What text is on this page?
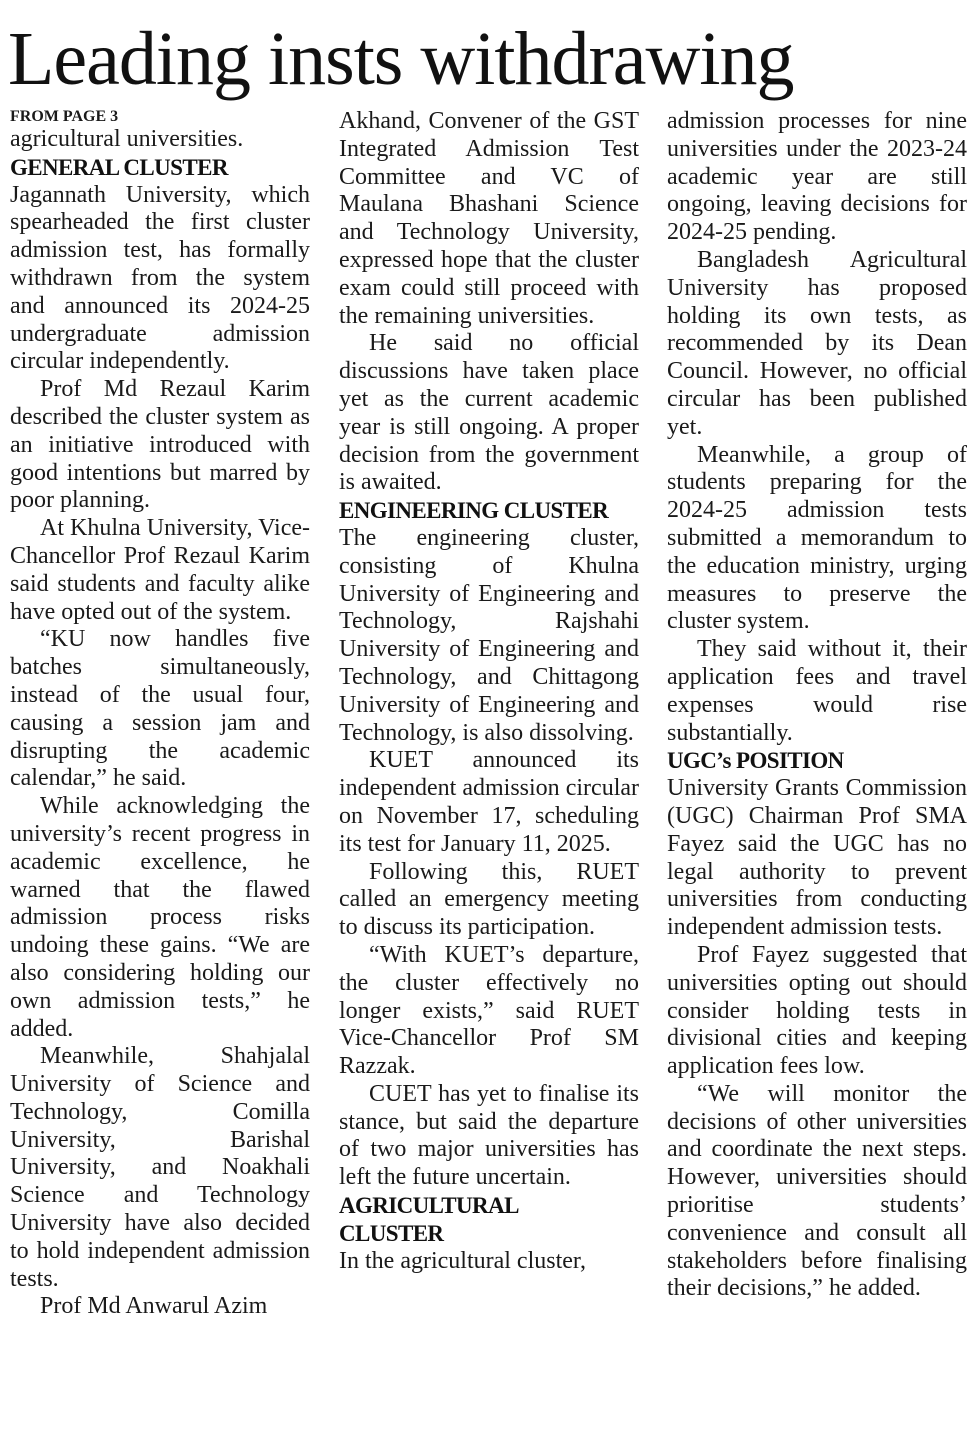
Leading insts withdrawing
FROM PAGE 3

agricultural universities.

GENERAL CLUSTER

Jagannath University, which spearheaded the first cluster admission test, has formally withdrawn from the system and announced its 2024-25 undergraduate admission circular independently.

Prof Md Rezaul Karim described the cluster system as an initiative introduced with good intentions but marred by poor planning.

At Khulna University, Vice-Chancellor Prof Rezaul Karim said students and faculty alike have opted out of the system.

“KU now handles five batches simultaneously, instead of the usual four, causing a session jam and disrupting the academic calendar,” he said.

While acknowledging the university’s recent progress in academic excellence, he warned that the flawed admission process risks undoing these gains. “We are also considering holding our own admission tests,” he added.

Meanwhile, Shahjalal University of Science and Technology, Comilla University, Barishal University, and Noakhali Science and Technology University have also decided to hold independent admission tests.

Prof Md Anwarul Azim

Akhand, Convener of the GST Integrated Admission Test Committee and VC of Maulana Bhashani Science and Technology University, expressed hope that the cluster exam could still proceed with the remaining universities.

He said no official discussions have taken place yet as the current academic year is still ongoing. A proper decision from the government is awaited.

ENGINEERING CLUSTER

The engineering cluster, consisting of Khulna University of Engineering and Technology, Rajshahi University of Engineering and Technology, and Chittagong University of Engineering and Technology, is also dissolving.

KUET announced its independent admission circular on November 17, scheduling its test for January 11, 2025.

Following this, RUET called an emergency meeting to discuss its participation.

“With KUET’s departure, the cluster effectively no longer exists,” said RUET Vice-Chancellor Prof SM Razzak.

CUET has yet to finalise its stance, but said the departure of two major universities has left the future uncertain.

AGRICULTURAL
CLUSTER

In the agricultural cluster,

admission processes for nine universities under the 2023-24 academic year are still ongoing, leaving decisions for 2024-25 pending.

Bangladesh Agricultural University has proposed holding its own tests, as recommended by its Dean Council. However, no official circular has been published yet.

Meanwhile, a group of students preparing for the 2024-25 admission tests submitted a memorandum to the education ministry, urging measures to preserve the cluster system.

They said without it, their application fees and travel expenses would rise substantially.

UGC’s POSITION

University Grants Commission (UGC) Chairman Prof SMA Fayez said the UGC has no legal authority to prevent universities from conducting independent admission tests.

Prof Fayez suggested that universities opting out should consider holding tests in divisional cities and keeping application fees low.

“We will monitor the decisions of other universities and coordinate the next steps. However, universities should prioritise students’ convenience and consult all stakeholders before finalising their decisions,” he added.
